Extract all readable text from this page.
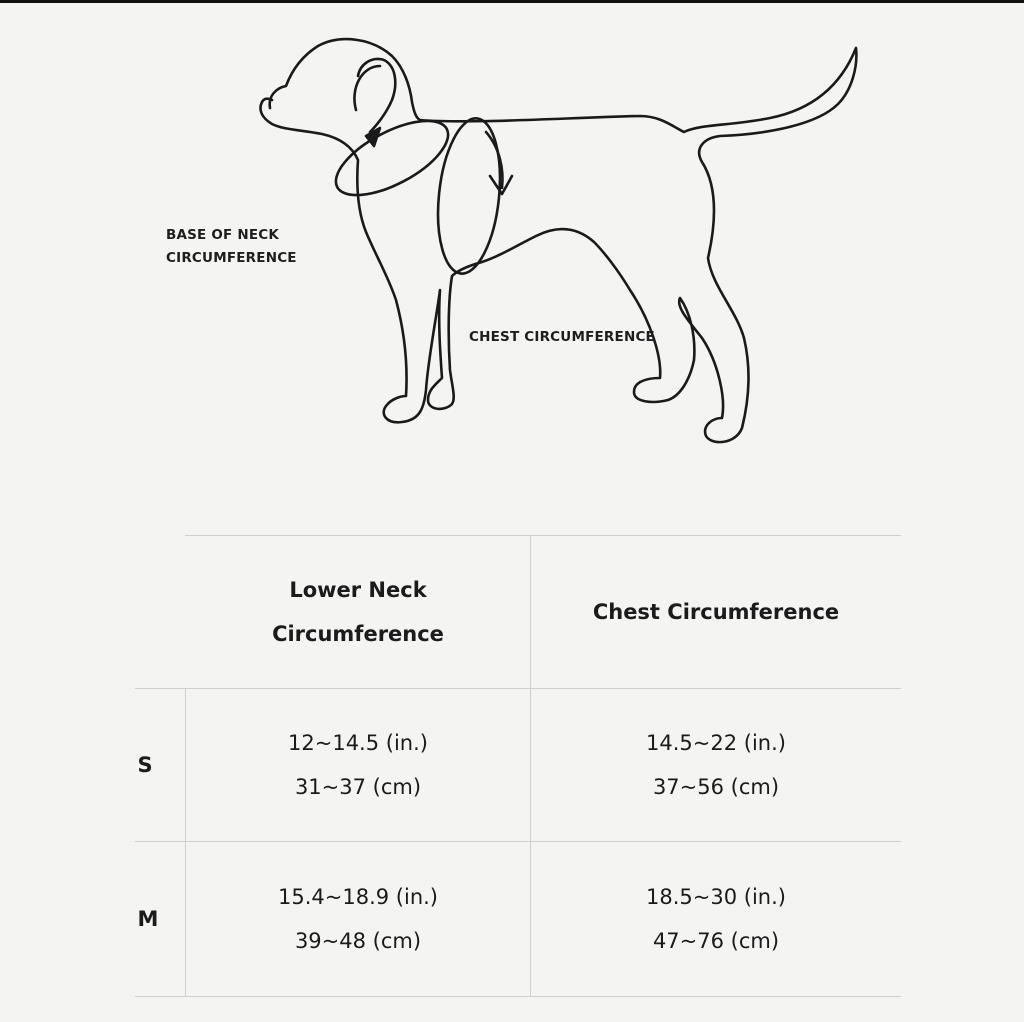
BASE OF NECK
CIRCUMFERENCE
CHEST CIRCUMFERENCE
Lower Neck
Circumference
Chest Circumference
S
12~14.5 (in.)
31~37 (cm)
14.5~22 (in.)
37~56 (cm)
M
15.4~18.9 (in.)
39~48 (cm)
18.5~30 (in.)
47~76 (cm)
